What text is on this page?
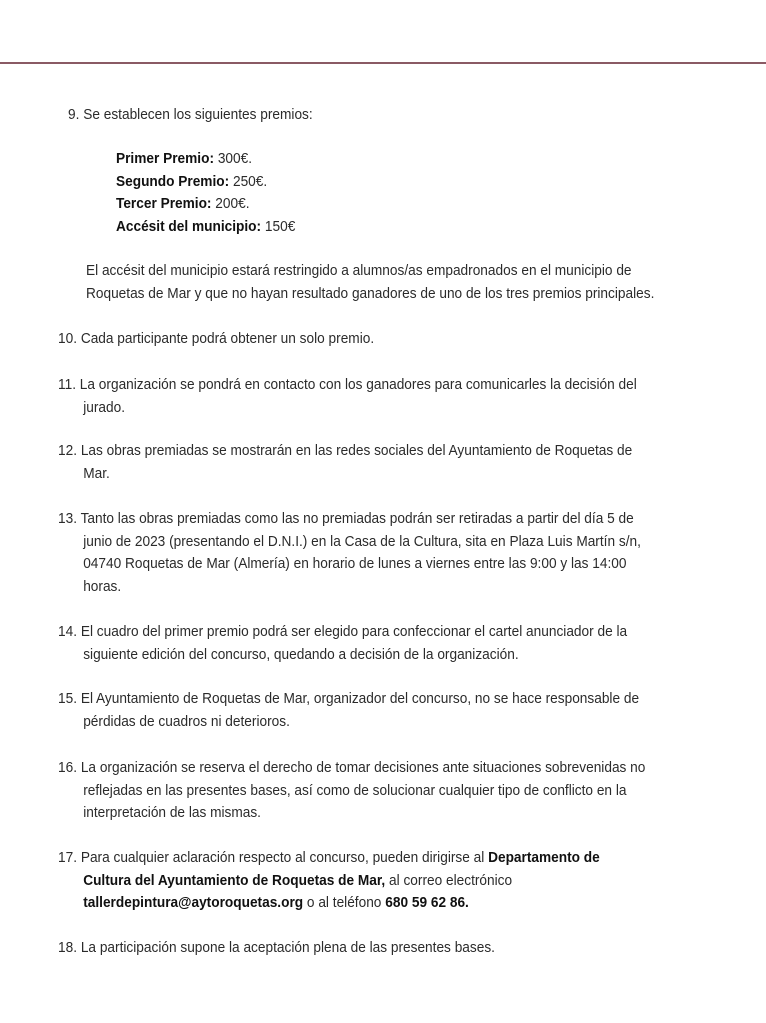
9. Se establecen los siguientes premios:
Primer Premio: 300€.
Segundo Premio: 250€.
Tercer Premio: 200€.
Accésit del municipio: 150€
El accésit del municipio estará restringido a alumnos/as empadronados en el municipio de
Roquetas de Mar y que no hayan resultado ganadores de uno de los tres premios principales.
10. Cada participante podrá obtener un solo premio.
11. La organización se pondrá en contacto con los ganadores para comunicarles la decisión del
jurado.
12. Las obras premiadas se mostrarán en las redes sociales del Ayuntamiento de Roquetas de
Mar.
13. Tanto las obras premiadas como las no premiadas podrán ser retiradas a partir del día 5 de
junio de 2023 (presentando el D.N.I.) en la Casa de la Cultura, sita en Plaza Luis Martín s/n,
04740 Roquetas de Mar (Almería) en horario de lunes a viernes entre las 9:00 y las 14:00
horas.
14. El cuadro del primer premio podrá ser elegido para confeccionar el cartel anunciador de la
siguiente edición del concurso, quedando a decisión de la organización.
15. El Ayuntamiento de Roquetas de Mar, organizador del concurso, no se hace responsable de
pérdidas de cuadros ni deterioros.
16. La organización se reserva el derecho de tomar decisiones ante situaciones sobrevenidas no
reflejadas en las presentes bases, así como de solucionar cualquier tipo de conflicto en la
interpretación de las mismas.
17. Para cualquier aclaración respecto al concurso, pueden dirigirse al Departamento de
Cultura del Ayuntamiento de Roquetas de Mar, al correo electrónico
tallerdepintura@aytoroquetas.org o al teléfono 680 59 62 86.
18. La participación supone la aceptación plena de las presentes bases.
